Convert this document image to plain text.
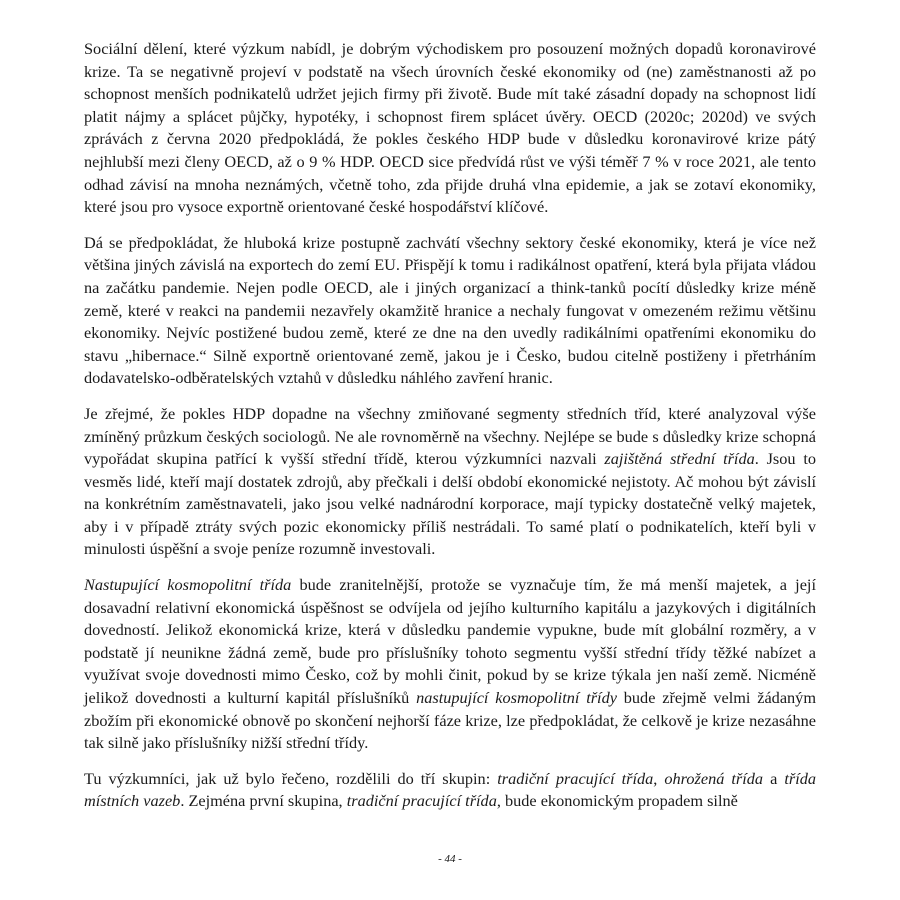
Sociální dělení, které výzkum nabídl, je dobrým východiskem pro posouzení možných dopadů koronavirové krize. Ta se negativně projeví v podstatě na všech úrovních české ekonomiky od (ne) zaměstnanosti až po schopnost menších podnikatelů udržet jejich firmy při životě. Bude mít také zásadní dopady na schopnost lidí platit nájmy a splácet půjčky, hypotéky, i schopnost firem splácet úvěry. OECD (2020c; 2020d) ve svých zprávách z června 2020 předpokládá, že pokles českého HDP bude v důsledku koronavirové krize pátý nejhlubší mezi členy OECD, až o 9 % HDP. OECD sice předvídá růst ve výši téměř 7 % v roce 2021, ale tento odhad závisí na mnoha neznámých, včetně toho, zda přijde druhá vlna epidemie, a jak se zotaví ekonomiky, které jsou pro vysoce exportně orientované české hospodářství klíčové.

Dá se předpokládat, že hluboká krize postupně zachvátí všechny sektory české ekonomiky, která je více než většina jiných závislá na exportech do zemí EU. Přispějí k tomu i radikálnost opatření, která byla přijata vládou na začátku pandemie. Nejen podle OECD, ale i jiných organizací a think-tanků pocítí důsledky krize méně země, které v reakci na pandemii nezavřely okamžitě hranice a nechaly fungovat v omezeném režimu většinu ekonomiky. Nejvíc postižené budou země, které ze dne na den uvedly radikálními opatřeními ekonomiku do stavu „hibernace.“ Silně exportně orientované země, jakou je i Česko, budou citelně postiženy i přetrháním dodavatelsko-odběratelských vztahů v důsledku náhlého zavření hranic.

Je zřejmé, že pokles HDP dopadne na všechny zmiňované segmenty středních tříd, které analyzoval výše zmíněný průzkum českých sociologů. Ne ale rovnoměrně na všechny. Nejlépe se bude s důsledky krize schopná vypořádat skupina patřící k vyšší střední třídě, kterou výzkumníci nazvali zajištěná střední třída. Jsou to vesměs lidé, kteří mají dostatek zdrojů, aby přečkali i delší období ekonomické nejistoty. Ač mohou být závislí na konkrétním zaměstnavateli, jako jsou velké nadnárodní korporace, mají typicky dostatečně velký majetek, aby i v případě ztráty svých pozic ekonomicky příliš nestrádali. To samé platí o podnikatelích, kteří byli v minulosti úspěšní a svoje peníze rozumně investovali.

Nastupující kosmopolitní třída bude zranitelnější, protože se vyznačuje tím, že má menší majetek, a její dosavadní relativní ekonomická úspěšnost se odvíjela od jejího kulturního kapitálu a jazykových i digitálních dovedností. Jelikož ekonomická krize, která v důsledku pandemie vypukne, bude mít globální rozměry, a v podstatě jí neunikne žádná země, bude pro příslušníky tohoto segmentu vyšší střední třídy těžké nabízet a využívat svoje dovednosti mimo Česko, což by mohli činit, pokud by se krize týkala jen naší země. Nicméně jelikož dovednosti a kulturní kapitál příslušníků nastupující kosmopolitní třídy bude zřejmě velmi žádaným zbožím při ekonomické obnově po skončení nejhorší fáze krize, lze předpokládat, že celkově je krize nezasáhne tak silně jako příslušníky nižší střední třídy.

Tu výzkumníci, jak už bylo řečeno, rozdělili do tří skupin: tradiční pracující třída, ohrožená třída a třída místních vazeb. Zejména první skupina, tradiční pracující třída, bude ekonomickým propadem silně

- 44 -
